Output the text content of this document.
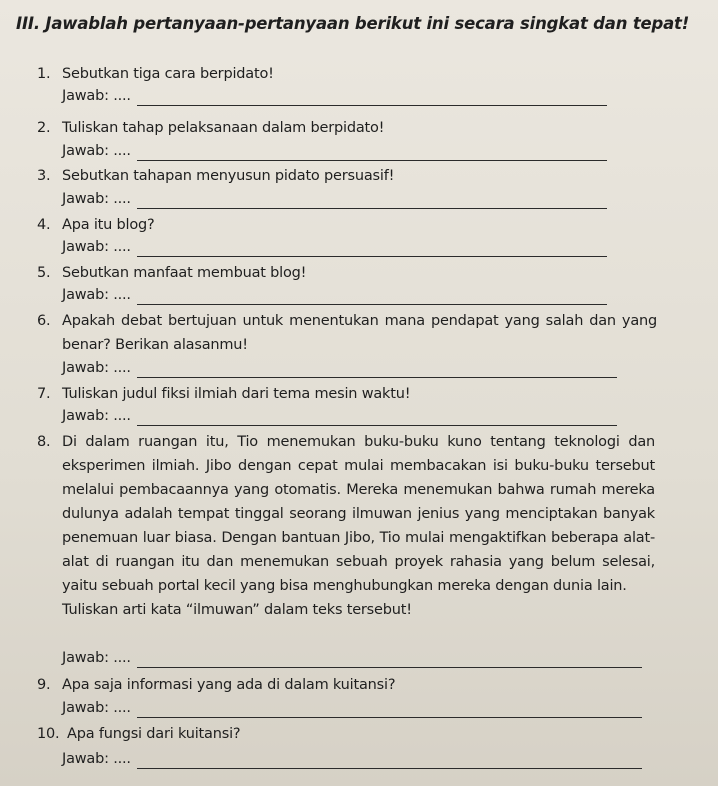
III. Jawablah pertanyaan-pertanyaan berikut ini secara singkat dan tepat!
1. Sebutkan tiga cara berpidato!
Jawab: ....
2. Tuliskan tahap pelaksanaan dalam berpidato!
Jawab: ....
3. Sebutkan tahapan menyusun pidato persuasif!
Jawab: ....
4. Apa itu blog?
Jawab: ....
5. Sebutkan manfaat membuat blog!
Jawab: ....
6. Apakah debat bertujuan untuk menentukan mana pendapat yang salah dan yang benar? Berikan alasanmu!
Jawab: ....
7. Tuliskan judul fiksi ilmiah dari tema mesin waktu!
Jawab: ....
8. Di dalam ruangan itu, Tio menemukan buku-buku kuno tentang teknologi dan eksperimen ilmiah. Jibo dengan cepat mulai membacakan isi buku-buku tersebut melalui pembacaannya yang otomatis. Mereka menemukan bahwa rumah mereka dulunya adalah tempat tinggal seorang ilmuwan jenius yang menciptakan banyak penemuan luar biasa. Dengan bantuan Jibo, Tio mulai mengaktifkan beberapa alat-alat di ruangan itu dan menemukan sebuah proyek rahasia yang belum selesai, yaitu sebuah portal kecil yang bisa menghubungkan mereka dengan dunia lain.
Tuliskan arti kata “ilmuwan” dalam teks tersebut!
Jawab: ....
9. Apa saja informasi yang ada di dalam kuitansi?
Jawab: ....
10. Apa fungsi dari kuitansi?
Jawab: ....
